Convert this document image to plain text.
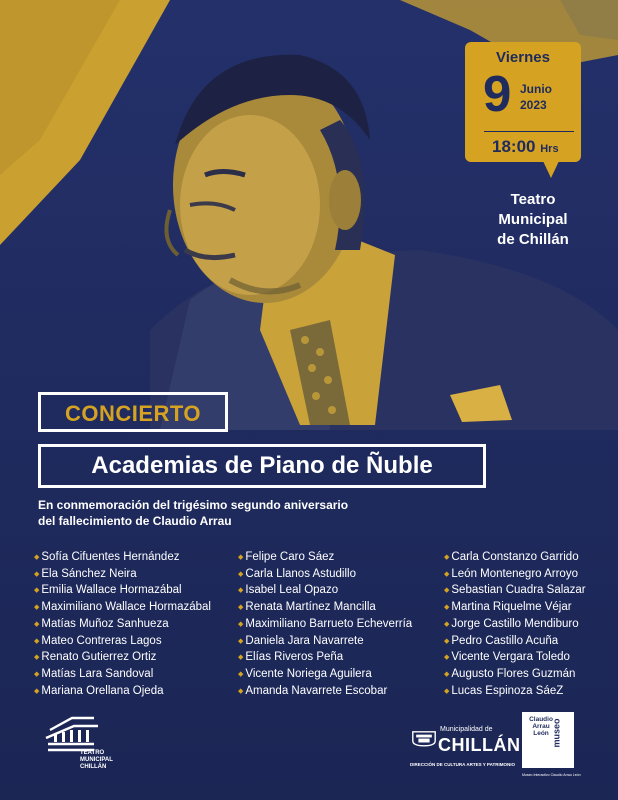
Viernes
9 Junio
2023
18:00 Hrs
Teatro
Municipal
de Chillán
CONCIERTO
Academias de Piano de Ñuble
En conmemoración del trigésimo segundo aniversario
del fallecimiento de Claudio Arrau
◆ Sofía Cifuentes Hernández
◆ Ela Sánchez Neira
◆ Emilia Wallace Hormazábal
◆ Maximiliano Wallace Hormazábal
◆ Matías Muñoz Sanhueza
◆ Mateo Contreras Lagos
◆ Renato Gutierrez Ortiz
◆ Matías Lara Sandoval
◆ Mariana Orellana Ojeda
◆ Felipe Caro Sáez
◆ Carla Llanos Astudillo
◆ Isabel Leal Opazo
◆ Renata Martínez Mancilla
◆ Maximiliano Barrueto Echeverría
◆ Daniela Jara Navarrete
◆ Elías Riveros Peña
◆ Vicente Noriega Aguilera
◆ Amanda Navarrete Escobar
◆ Carla Constanzo Garrido
◆ León Montenegro Arroyo
◆ Sebastian Cuadra Salazar
◆ Martina Riquelme Véjar
◆ Jorge Castillo Mendiburo
◆ Pedro Castillo Acuña
◆ Vicente Vergara Toledo
◆ Augusto Flores Guzmán
◆ Lucas Espinoza SáeZ
TEATRO
MUNICIPAL
CHILLÁN
Municipalidad de
CHILLÁN
DIRECCIÓN DE CULTURA ARTES Y PATRIMONIO
Claudio
Arrau
León museo
Museo Interactivo Claudio Arrau León
